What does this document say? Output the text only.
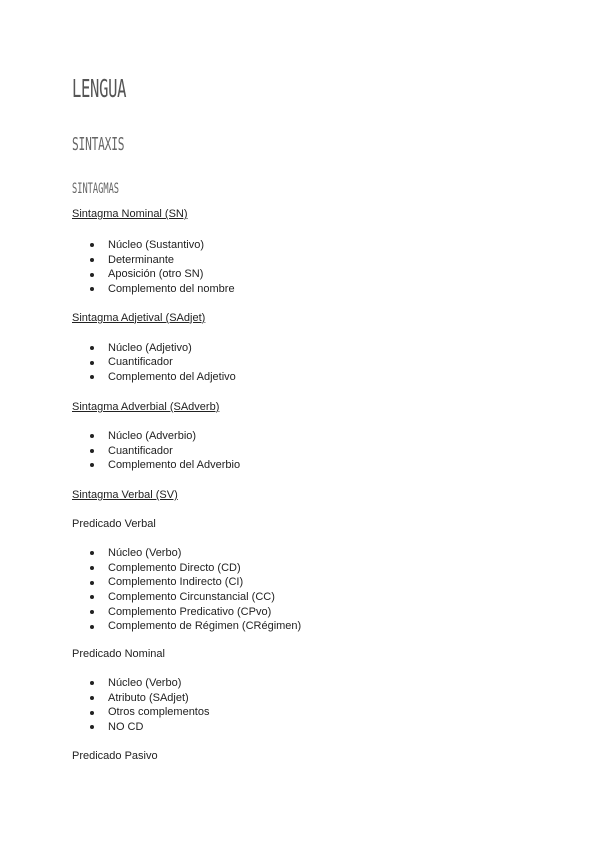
LENGUA
SINTAXIS
SINTAGMAS
Sintagma Nominal (SN)
Núcleo (Sustantivo)
Determinante
Aposición (otro SN)
Complemento del nombre
Sintagma Adjetival (SAdjet)
Núcleo (Adjetivo)
Cuantificador
Complemento del Adjetivo
Sintagma Adverbial (SAdverb)
Núcleo (Adverbio)
Cuantificador
Complemento del Adverbio
Sintagma Verbal (SV)
Predicado Verbal
Núcleo (Verbo)
Complemento Directo (CD)
Complemento Indirecto (CI)
Complemento Circunstancial (CC)
Complemento Predicativo (CPvo)
Complemento de Régimen (CRégimen)
Predicado Nominal
Núcleo (Verbo)
Atributo (SAdjet)
Otros complementos
NO CD
Predicado Pasivo
